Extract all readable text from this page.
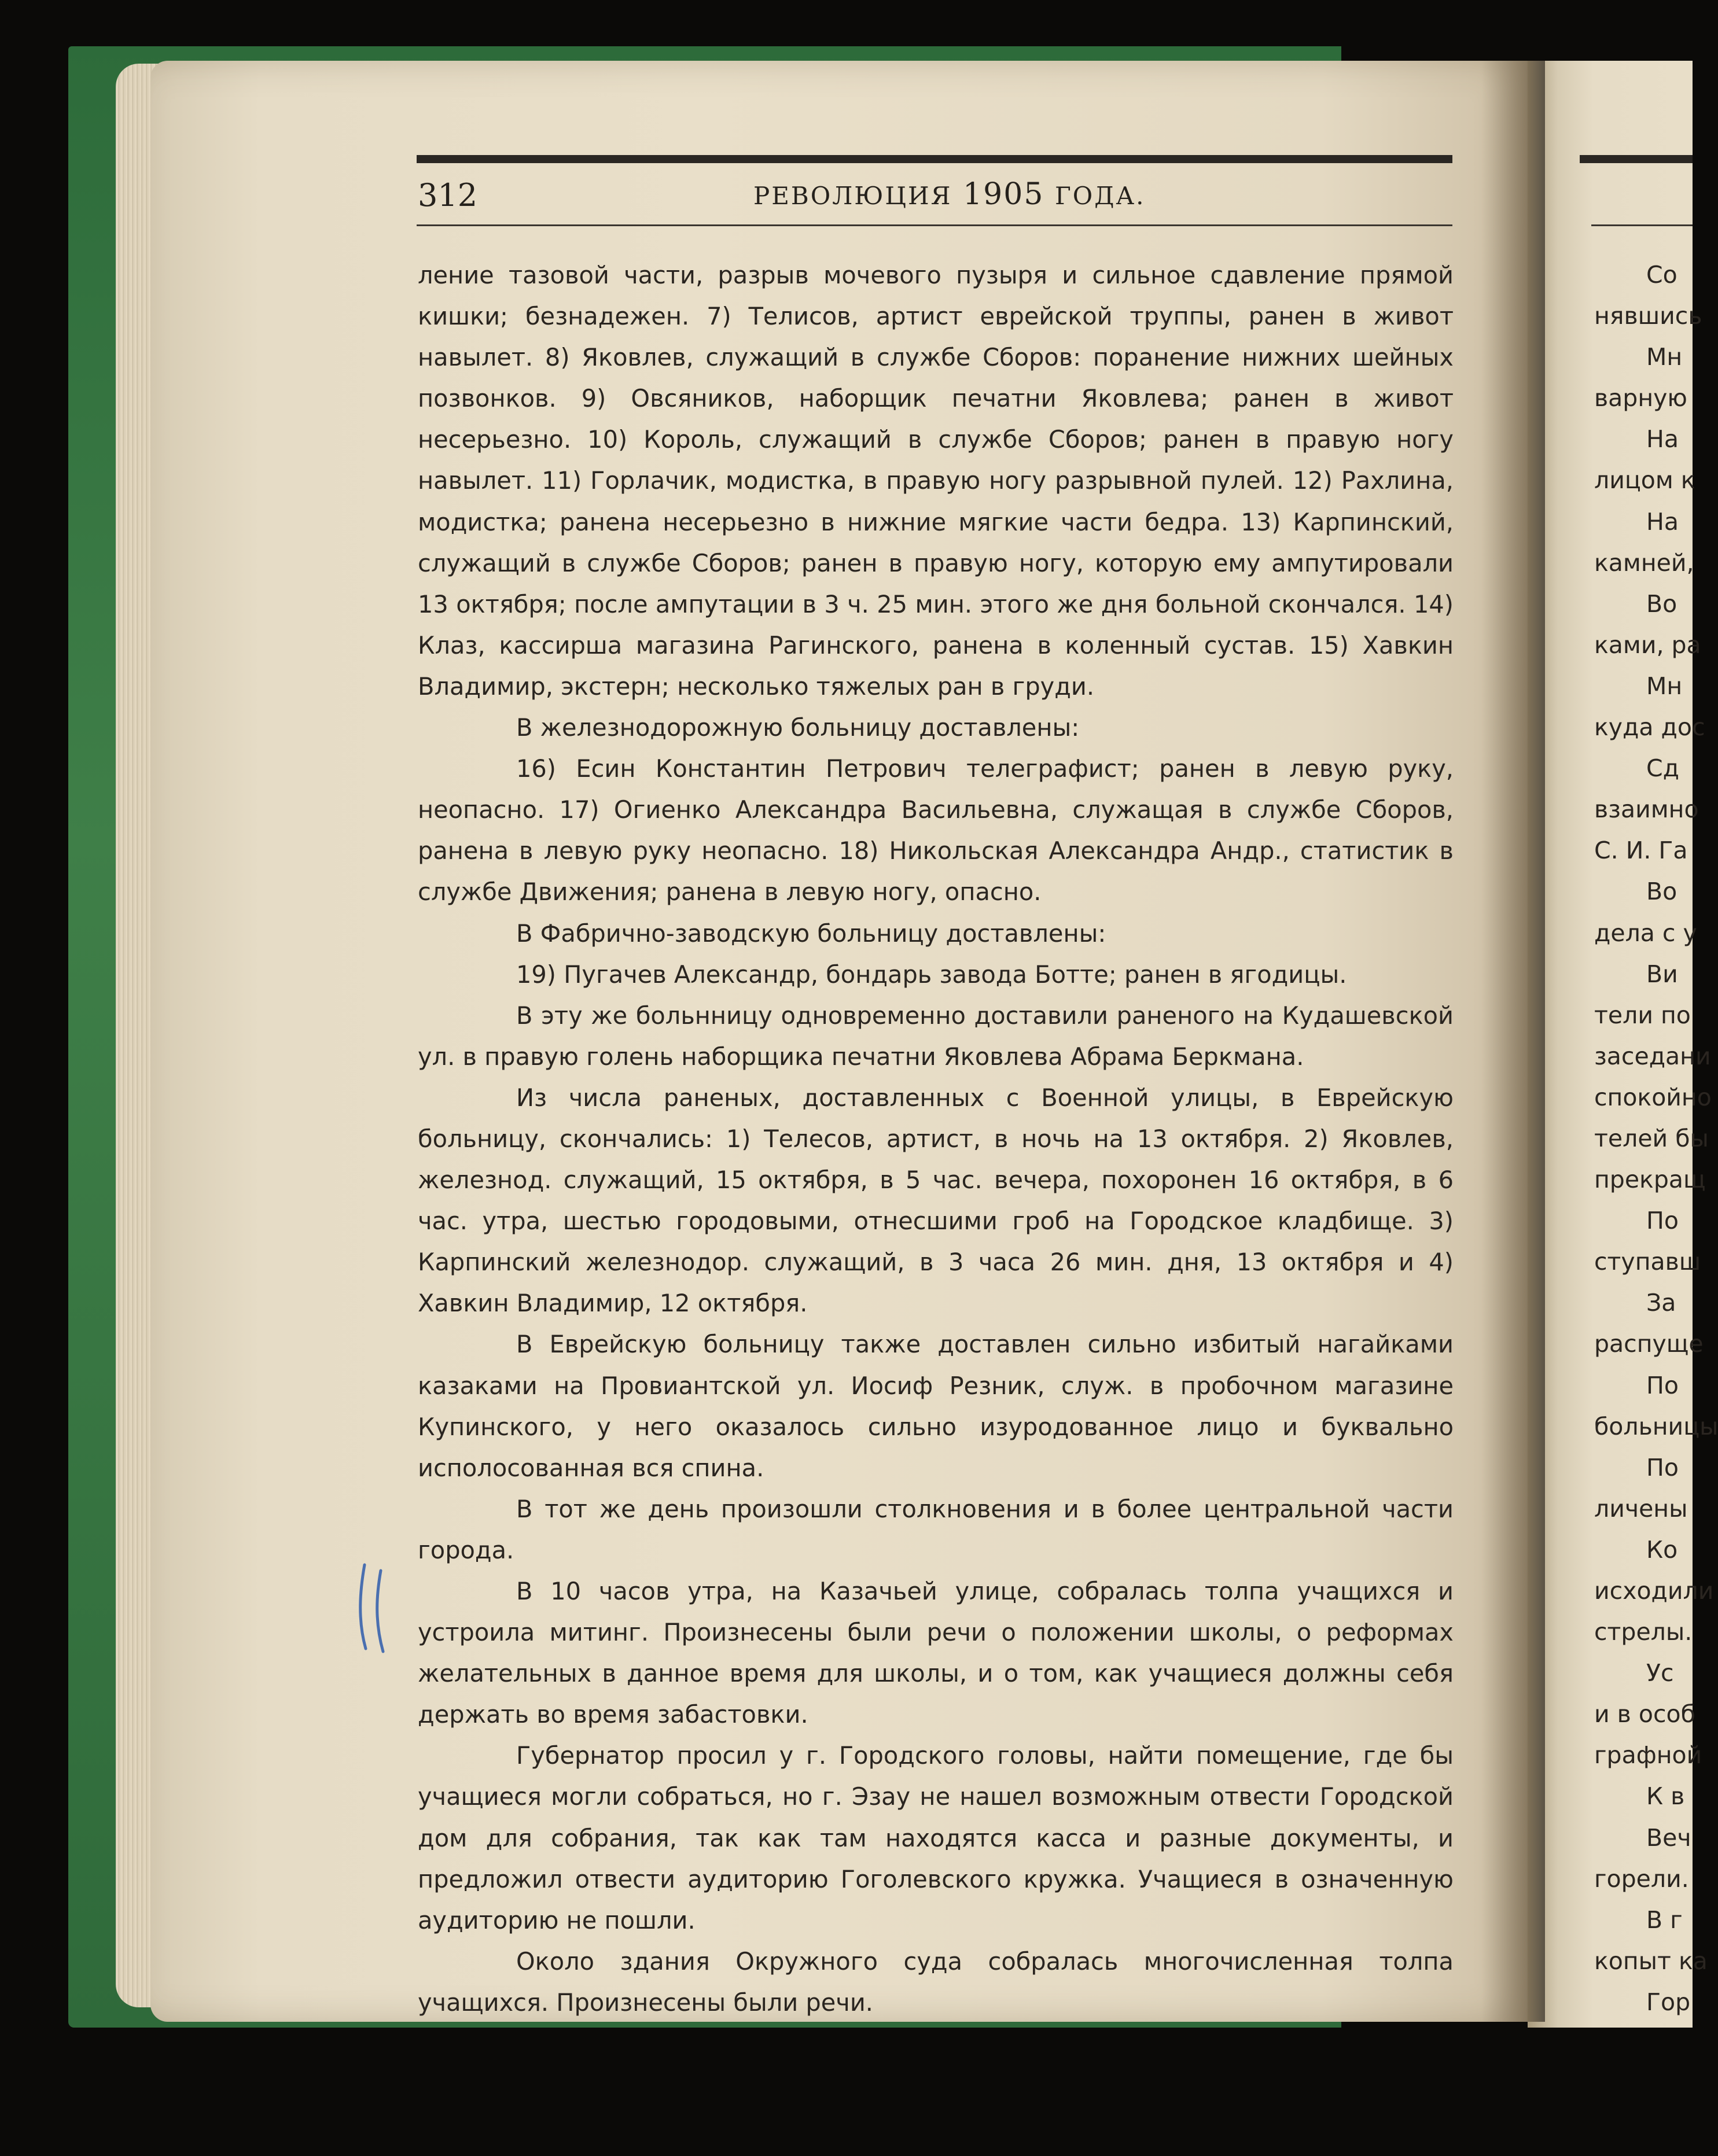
312	РЕВОЛЮЦИЯ 1905 ГОДА.

ление тазовой части, разрыв мочевого пузыря и сильное сдавление прямой кишки; безнадежен. 7) Телисов, артист еврейской труппы, ранен в живот навылет. 8) Яковлев, служащий в службе Сборов: поранение нижних шейных позвонков. 9) Овсяников, наборщик печатни Яковлева; ранен в живот несерьезно. 10) Король, служащий в службе Сборов; ранен в правую ногу навылет. 11) Горлачик, модистка, в правую ногу разрывной пулей. 12) Рахлина, модистка; ранена несерьезно в нижние мягкие части бедра. 13) Карпинский, служащий в службе Сборов; ранен в правую ногу, которую ему ампутировали 13 октября; после ампутации в 3 ч. 25 мин. этого же дня больной скончался. 14) Клаз, кассирша магазина Рагинского, ранена в коленный сустав. 15) Хавкин Владимир, экстерн; несколько тяжелых ран в груди.

В железнодорожную больницу доставлены:

16) Есин Константин Петрович телеграфист; ранен в левую руку, неопасно. 17) Огиенко Александра Васильевна, служащая в службе Сборов, ранена в левую руку неопасно. 18) Никольская Александра Андр., статистик в службе Движения; ранена в левую ногу, опасно.

В Фабрично-заводскую больницу доставлены:

19) Пугачев Александр, бондарь завода Ботте; ранен в ягодицы.

В эту же больнницу одновременно доставили раненого на Кудашевской ул. в правую голень наборщика печатни Яковлева Абрама Беркмана.

Из числа раненых, доставленных с Военной улицы, в Еврейскую больницу, скончались: 1) Телесов, артист, в ночь на 13 октября. 2) Яковлев, железнод. служащий, 15 октября, в 5 час. вечера, похоронен 16 октября, в 6 час. утра, шестью городовыми, отнесшими гроб на Городское кладбище. 3) Карпинский железнодор. служащий, в 3 часа 26 мин. дня, 13 октября и 4) Хавкин Владимир, 12 октября.

В Еврейскую больницу также доставлен сильно избитый нагайками казаками на Провиантской ул. Иосиф Резник, служ. в пробочном магазине Купинского, у него оказалось сильно изуродованное лицо и буквально исполосованная вся спина.

В тот же день произошли столкновения и в более центральной части города.

В 10 часов утра, на Казачьей улице, собралась толпа учащихся и устроила митинг. Произнесены были речи о положении школы, о реформах желательных в данное время для школы, и о том, как учащиеся должны себя держать во время забастовки.

Губернатор просил у г. Городского головы, найти помещение, где бы учащиеся могли собраться, но г. Эзау не нашел возможным отвести Городской дом для собрания, так как там находятся касса и разные документы, и предложил отвести аудиторию Гоголевского кружка. Учащиеся в означенную аудиторию не пошли.

Около здания Окружного суда собралась многочисленная толпа учащихся. Произнесены были речи.

Со
нявшись
Мн
варную
На
лицом к
На
камней,
Во
ками, ра
Мн
куда дос
Сд
взаимно
С. И. Га
Во
дела с у
Ви
тели по
заседани
спокойно
телей бы
прекращ
По
ступавш
За
распуще
По
больницы
По
личены
Ко
исходили
стрелы.
Ус
и в особ
графной
К в
Веч
горели.
В г
копыт ка
Гор
